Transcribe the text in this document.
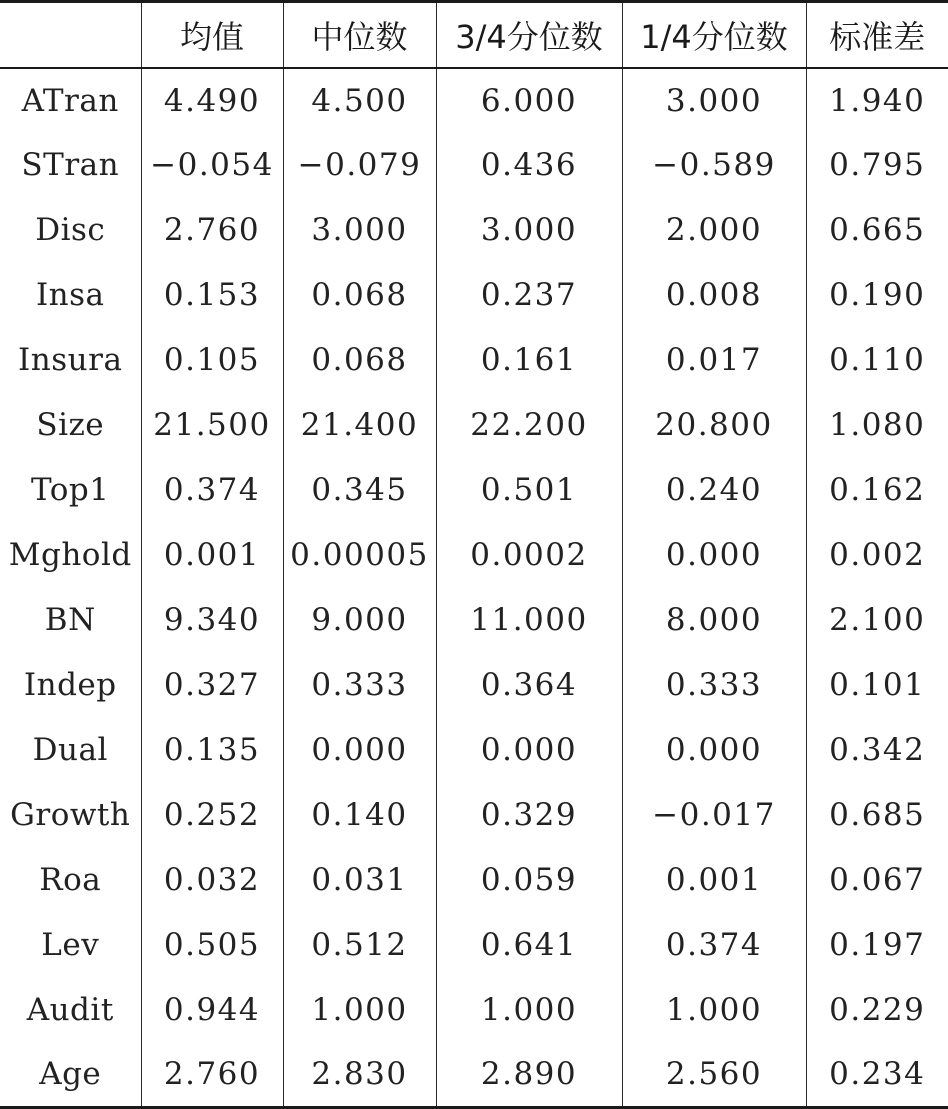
	均值	中位数	3/4分位数	1/4分位数	标准差
ATran	4.490	4.500	6.000	3.000	1.940
STran	−0.054	−0.079	0.436	−0.589	0.795
Disc	2.760	3.000	3.000	2.000	0.665
Insa	0.153	0.068	0.237	0.008	0.190
Insura	0.105	0.068	0.161	0.017	0.110
Size	21.500	21.400	22.200	20.800	1.080
Top1	0.374	0.345	0.501	0.240	0.162
Mghold	0.001	0.00005	0.0002	0.000	0.002
BN	9.340	9.000	11.000	8.000	2.100
Indep	0.327	0.333	0.364	0.333	0.101
Dual	0.135	0.000	0.000	0.000	0.342
Growth	0.252	0.140	0.329	−0.017	0.685
Roa	0.032	0.031	0.059	0.001	0.067
Lev	0.505	0.512	0.641	0.374	0.197
Audit	0.944	1.000	1.000	1.000	0.229
Age	2.760	2.830	2.890	2.560	0.234
